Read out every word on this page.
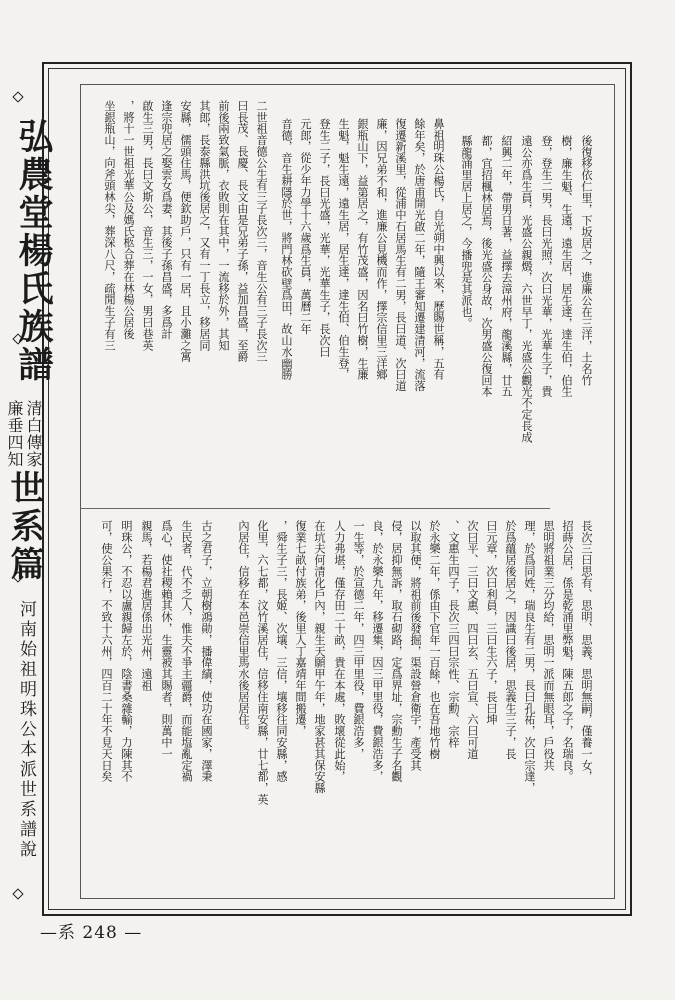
弘農堂楊氏族譜
廉垂四知 清白傳家
世系篇
河南始祖明珠公本派世系譜說
—系 248 —
鼻祖明珠公楊氏，自光朔中興以來，歷賜世稱，五有
餘年矣，於唐甫開光啟二年，隨王審知遷建清河，流落
復遷新溪里，從浦中石居馬生有二男，長曰道、次曰道
廉，因兄弟不和，進廉公見機而作，擇宗信里三洋鄉
銀瓶山下，益第居之，有竹茂盛，因名曰竹樹，生廉
生魁，魁生遠，遠生居，居生達，達生伯、伯生登，
登生二子，長曰光盛，光華，光華生子，長次曰
元郎，從少年力學十六歲爲生員，萬曆二年
音德，音生耕隱於世，將門林砍壁爲田，故山水幽勝
二世祖音德公生有三子長次三，音生公有三子長次三
曰長茂、長慶、長文由是兄弟子孫，益加昌盛，至爵
前後兩致氣脈，衣敗則在其中，一流移於外，其知
其郎，長泰縣洪坑後居之，又有一丁長立，移居同
安縣，儒頭住馬，便欽助戶，只有一居，且小灘之寓
逢宗兜居之娶雲女爲妻，其後子孫昌盛，多爲計
啟生三男，長曰文斯公，音生三，一女，男曰巷英
，將十一世祖光華公及媽氏柩合葬在林楊公居後
坐銀瓶山，向斧頭林尖，葬深八尺，疏閒生子有三	後復移依仁里，下坂居之，進廉公在三洋，土名竹
樹，廉生魁、生遠，遠生居，居生達，達生伯，伯生
登，登生二男，長曰光照，次曰光華，光華生子，貴
遠公亦爲生員，光盛公親燬，六世早丁，光盛公觀光不定長成
紹興二年，帶男日著，益擇去漳州府，龍溪縣，廿五
都，宜招楓林居焉，後光盛公身故，次男盛公復回本
縣龍涌里居上居之，今播兜是其派也。
長次三曰思有、思明、思義、思明無嗣，僅養一女，
招蒔公居，係是乾涌里弊魁，陳五郎之子，名瑞良。
思明將祖業三分均給，思明一派而無眼耳，戶役共
理，於爲同姓，瑞良生有二男，長曰孔祐，次曰宗達，
於爲蘊居後居之，因識曰後居，思義生三子，長
曰元章，次曰利員，三曰生六子，長曰坤
次曰平、三曰文惠、四曰玄、五曰宣、六曰可道
、文惠生四子，長次三四曰宗性、宗勳、宗梓
於永樂二年，係由下官年一百餘，也在吾地竹樹
以取其便，將祖前後發掘，渠設營倉衛宇，產受其
侵，居抑無訴，取石砌路，定爲界址，宗勳生子名觀
良，於永樂九年，移遷集，因三甲里役，費銀浩多，
一生等，於宣德二年，四三甲里役，費銀浩多，
人力弗堪，僅存田二十畝，貴在本處，敗壞從此始，
在坑夫何清化戶內，親生天願甲午年，地家甚其保安縣
復業七畝付族弟，後里人丁嘉靖年間搬遷，
，舜生子三，長姬、次壤、三信，壤移往同安縣，感
化里，六七都，汶竹溪居住，信移住南安縣，廿七都，英
內居住，信移在本邑崇信里馬水後居居住。
古之君子，立朝樹鴻勛，播偉績，使功在國家，澤秉
生民者，代不乏人，惟夫不爭主疆爵，而能塩亂定禍
爲心，使社稷賴其休，生靈被其賜者，則萬中一
親馬，若楊君進居係出光州，遠祖
明珠公，不忍以盧親歸左於，陰書桑雜輸，力陳其不
可，使公果行，不致十六州，四百二十年不見天日矣
